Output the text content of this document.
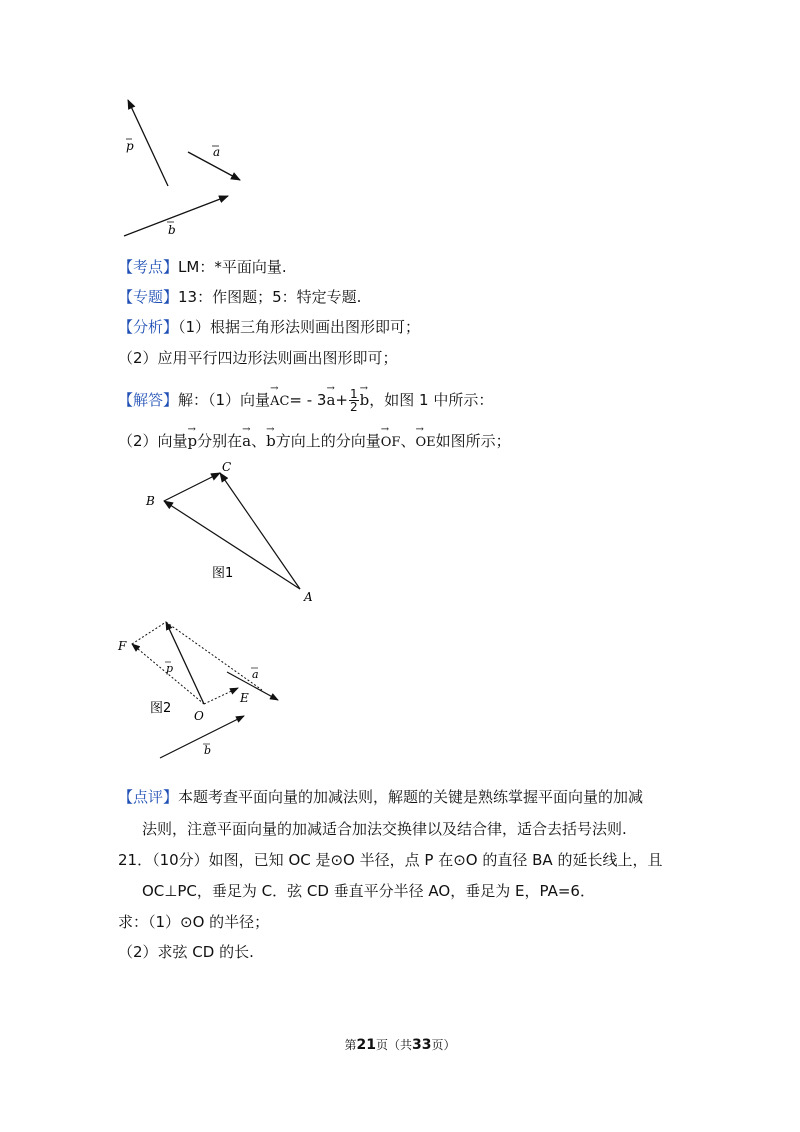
p	a
b
【考点】LM：*平面向量.
【专题】13：作图题；5：特定专题.
【分析】（1）根据三角形法则画出图形即可；
（2）应用平行四边形法则画出图形即可；
【解答】解：（1）向量AC →= - $3a \to+ \frac{1}{2}$ b →，如图 1 中所示：
（2）向量p →分别在a →、b →方向上的分向量OF →、OE →如图所示；
C
B
A
图1
F
p	a
E
O
b
图2
【点评】本题考查平面向量的加减法则，解题的关键是熟练掌握平面向量的加减
法则，注意平面向量的加减适合加法交换律以及结合律，适合去括号法则.
21．（10分）如图，已知 OC 是⊙O 半径，点 P 在⊙O 的直径 BA 的延长线上，且
OC⊥PC，垂足为 C．弦 CD 垂直平分半径 AO，垂足为 E，PA=6．
求：（1）⊙O 的半径；
（2）求弦 CD 的长.
第21页（共33页）
